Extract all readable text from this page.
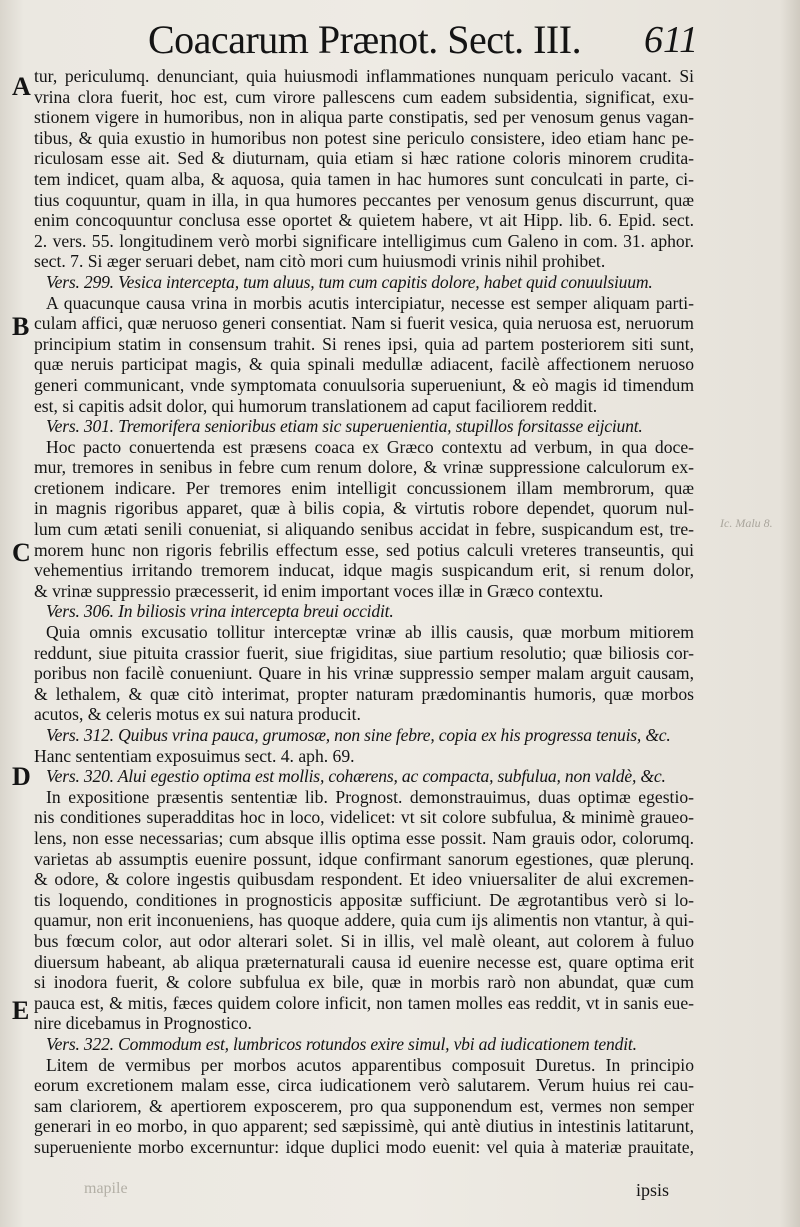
Coacarum Prænot. Sect. III. 611
A
B
C
D
E
Ic. Malu 8.
tur, periculumq. denunciant, quia huiusmodi inflammationes nunquam periculo vacant. Si
vrina clora fuerit, hoc est, cum virore pallescens cum eadem subsidentia, significat, exu-
stionem vigere in humoribus, non in aliqua parte constipatis, sed per venosum genus vagan-
tibus, & quia exustio in humoribus non potest sine periculo consistere, ideo etiam hanc pe-
riculosam esse ait. Sed & diuturnam, quia etiam si hæc ratione coloris minorem crudita-
tem indicet, quam alba, & aquosa, quia tamen in hac humores sunt conculcati in parte, ci-
tius coquuntur, quam in illa, in qua humores peccantes per venosum genus discurrunt, quæ
enim concoquuntur conclusa esse oportet & quietem habere, vt ait Hipp. lib. 6. Epid. sect.
2. vers. 55. longitudinem verò morbi significare intelligimus cum Galeno in com. 31. aphor.
sect. 7. Si æger seruari debet, nam citò mori cum huiusmodi vrinis nihil prohibet.
Vers. 299. Vesica intercepta, tum aluus, tum cum capitis dolore, habet quid conuulsiuum.
A quacunque causa vrina in morbis acutis intercipiatur, necesse est semper aliquam parti-
culam affici, quæ neruoso generi consentiat. Nam si fuerit vesica, quia neruosa est, neruorum
principium statim in consensum trahit. Si renes ipsi, quia ad partem posteriorem siti sunt,
quæ neruis participat magis, & quia spinali medullæ adiacent, facilè affectionem neruoso
generi communicant, vnde symptomata conuulsoria superueniunt, & eò magis id timendum
est, si capitis adsit dolor, qui humorum translationem ad caput faciliorem reddit.
Vers. 301. Tremorifera senioribus etiam sic superuenientia, stupillos forsitasse eijciunt.
Hoc pacto conuertenda est præsens coaca ex Græco contextu ad verbum, in qua doce-
mur, tremores in senibus in febre cum renum dolore, & vrinæ suppressione calculorum ex-
cretionem indicare. Per tremores enim intelligit concussionem illam membrorum, quæ
in magnis rigoribus apparet, quæ à bilis copia, & virtutis robore dependet, quorum nul-
lum cum ætati senili conueniat, si aliquando senibus accidat in febre, suspicandum est, tre-
morem hunc non rigoris febrilis effectum esse, sed potius calculi vreteres transeuntis, qui
vehementius irritando tremorem inducat, idque magis suspicandum erit, si renum dolor,
& vrinæ suppressio præcesserit, id enim important voces illæ in Græco contextu.
Vers. 306. In biliosis vrina intercepta breui occidit.
Quia omnis excusatio tollitur interceptæ vrinæ ab illis causis, quæ morbum mitiorem
reddunt, siue pituita crassior fuerit, siue frigiditas, siue partium resolutio; quæ biliosis cor-
poribus non facilè conueniunt. Quare in his vrinæ suppressio semper malam arguit causam,
& lethalem, & quæ citò interimat, propter naturam prædominantis humoris, quæ morbos
acutos, & celeris motus ex sui natura producit.
Vers. 312. Quibus vrina pauca, grumosæ, non sine febre, copia ex his progressa tenuis, &c.
Hanc sententiam exposuimus sect. 4. aph. 69.
Vers. 320. Alui egestio optima est mollis, cohærens, ac compacta, subfulua, non valdè, &c.
In expositione præsentis sententiæ lib. Prognost. demonstrauimus, duas optimæ egestio-
nis conditiones superadditas hoc in loco, videlicet: vt sit colore subfulua, & minimè graueo-
lens, non esse necessarias; cum absque illis optima esse possit. Nam grauis odor, colorumq.
varietas ab assumptis euenire possunt, idque confirmant sanorum egestiones, quæ plerunq.
& odore, & colore ingestis quibusdam respondent. Et ideo vniuersaliter de alui excremen-
tis loquendo, conditiones in prognosticis appositæ sufficiunt. De ægrotantibus verò si lo-
quamur, non erit inconueniens, has quoque addere, quia cum ijs alimentis non vtantur, à qui-
bus fœcum color, aut odor alterari solet. Si in illis, vel malè oleant, aut colorem à fuluo
diuersum habeant, ab aliqua præternaturali causa id euenire necesse est, quare optima erit
si inodora fuerit, & colore subfulua ex bile, quæ in morbis rarò non abundat, quæ cum
pauca est, & mitis, fæces quidem colore inficit, non tamen molles eas reddit, vt in sanis eue-
nire dicebamus in Prognostico.
Vers. 322. Commodum est, lumbricos rotundos exire simul, vbi ad iudicationem tendit.
Litem de vermibus per morbos acutos apparentibus composuit Duretus. In principio
eorum excretionem malam esse, circa iudicationem verò salutarem. Verum huius rei cau-
sam clariorem, & apertiorem exposcerem, pro qua supponendum est, vermes non semper
generari in eo morbo, in quo apparent; sed sæpissimè, qui antè diutius in intestinis latitarunt,
superueniente morbo excernuntur: idque duplici modo euenit: vel quia à materiæ prauitate,
mapile	ipsis
